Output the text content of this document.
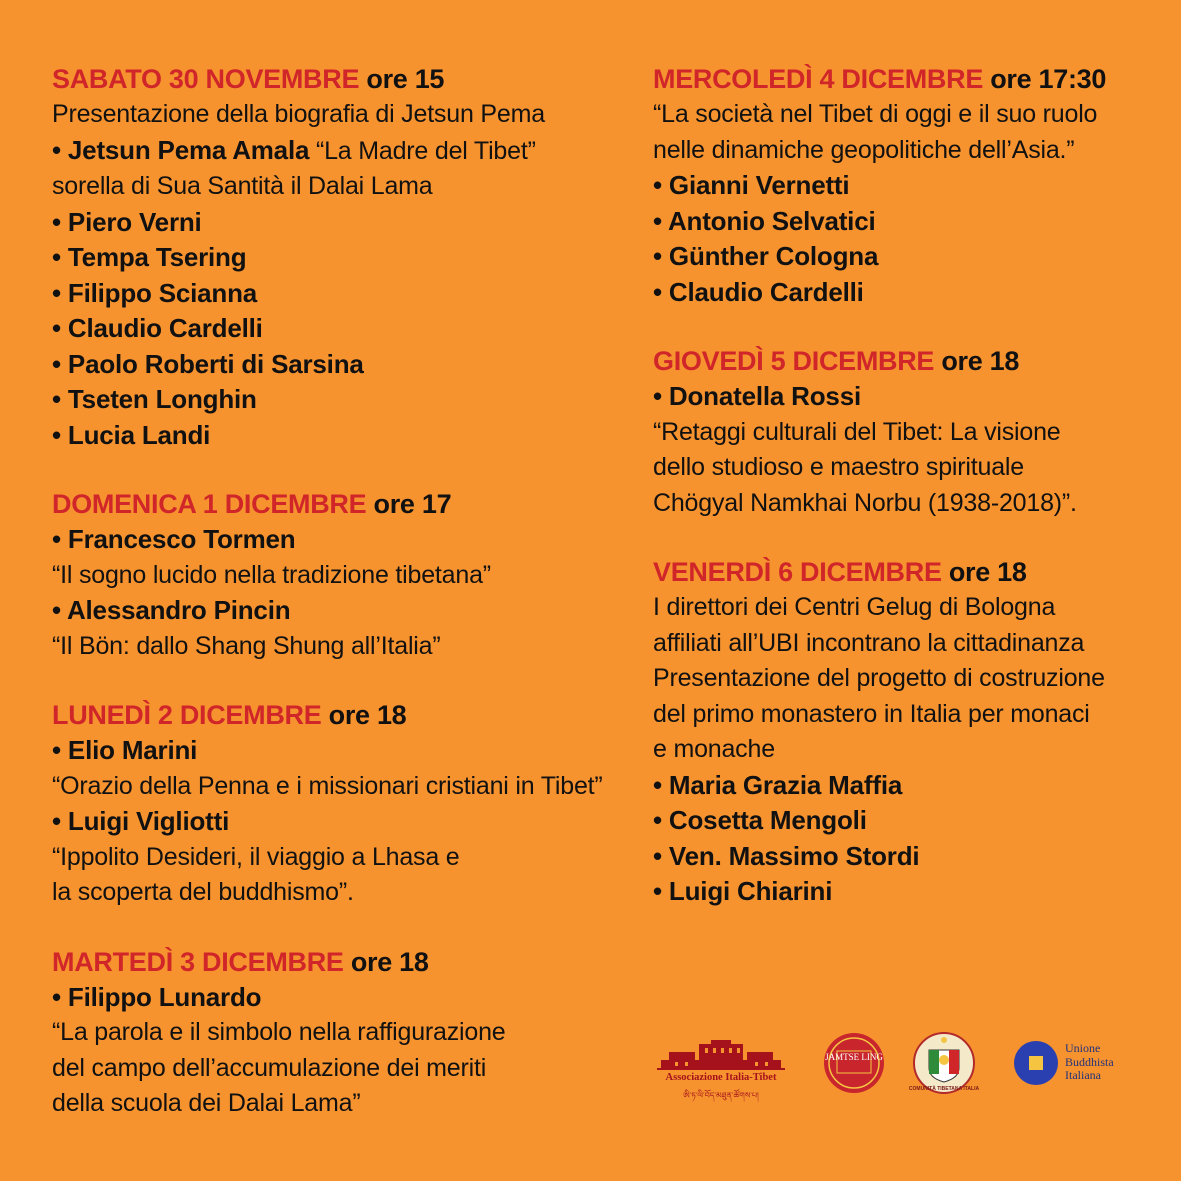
SABATO 30 NOVEMBRE ore 15
Presentazione della biografia di Jetsun Pema
• Jetsun Pema Amala “La Madre del Tibet”
sorella di Sua Santità il Dalai Lama
• Piero Verni
• Tempa Tsering
• Filippo Scianna
• Claudio Cardelli
• Paolo Roberti di Sarsina
• Tseten Longhin
• Lucia Landi
DOMENICA 1 DICEMBRE ore 17
• Francesco Tormen
“Il sogno lucido nella tradizione tibetana”
• Alessandro Pincin
“Il Bön: dallo Shang Shung all’Italia”
LUNEDÌ 2 DICEMBRE ore 18
• Elio Marini
“Orazio della Penna e i missionari cristiani in Tibet”
• Luigi Vigliotti
“Ippolito Desideri, il viaggio a Lhasa e
la scoperta del buddhismo”.
MARTEDÌ 3 DICEMBRE ore 18
• Filippo Lunardo
“La parola e il simbolo nella raffigurazione
del campo dell’accumulazione dei meriti
della scuola dei Dalai Lama”
MERCOLEDÌ 4 DICEMBRE ore 17:30
“La società nel Tibet di oggi e il suo ruolo
nelle dinamiche geopolitiche dell’Asia.”
• Gianni Vernetti
• Antonio Selvatici
• Günther Cologna
• Claudio Cardelli
GIOVEDÌ 5 DICEMBRE ore 18
• Donatella Rossi
“Retaggi culturali del Tibet: La visione
dello studioso e maestro spirituale
Chögyal Namkhai Norbu (1938-2018)”.
VENERDÌ 6 DICEMBRE ore 18
I direttori dei Centri Gelug di Bologna
affiliati all’UBI incontrano la cittadinanza
Presentazione del progetto di costruzione
del primo monastero in Italia per monaci
e monache
• Maria Grazia Maffia
• Cosetta Mengoli
• Ven. Massimo Stordi
• Luigi Chiarini
Associazione Italia-Tibet
ཨི་ཏ་ལི་བོད་མཐུན་ཚོགས་པ།
JAMTSE LING
COMUNITÀ TIBETANA ITALIA
Unione
Buddhista
Italiana
